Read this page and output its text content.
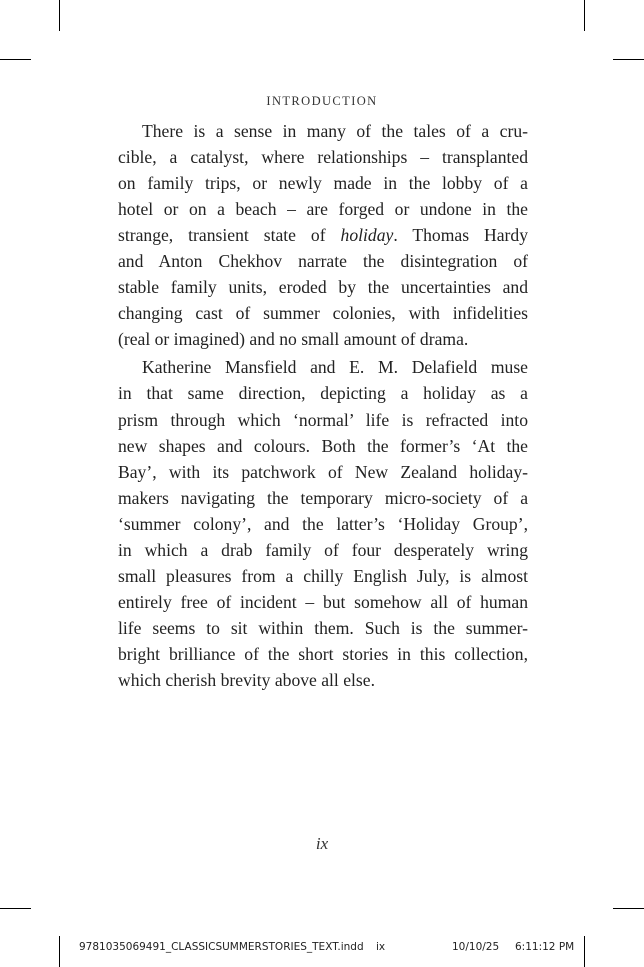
INTRODUCTION
There is a sense in many of the tales of a cru-
cible, a catalyst, where relationships – transplanted
on family trips, or newly made in the lobby of a
hotel or on a beach – are forged or undone in the
strange, transient state of holiday. Thomas Hardy
and Anton Chekhov narrate the disintegration of
stable family units, eroded by the uncertainties and
changing cast of summer colonies, with infidelities
(real or imagined) and no small amount of drama.
Katherine Mansfield and E. M. Delafield muse
in that same direction, depicting a holiday as a
prism through which ‘normal’ life is refracted into
new shapes and colours. Both the former’s ‘At the
Bay’, with its patchwork of New Zealand holiday-
makers navigating the temporary micro-society of a
‘summer colony’, and the latter’s ‘Holiday Group’,
in which a drab family of four desperately wring
small pleasures from a chilly English July, is almost
entirely free of incident – but somehow all of human
life seems to sit within them. Such is the summer-
bright brilliance of the short stories in this collection,
which cherish brevity above all else.
ix
9781035069491_CLASSICSUMMERSTORIES_TEXT.indd ix	10/10/25 6:11:12 PM
